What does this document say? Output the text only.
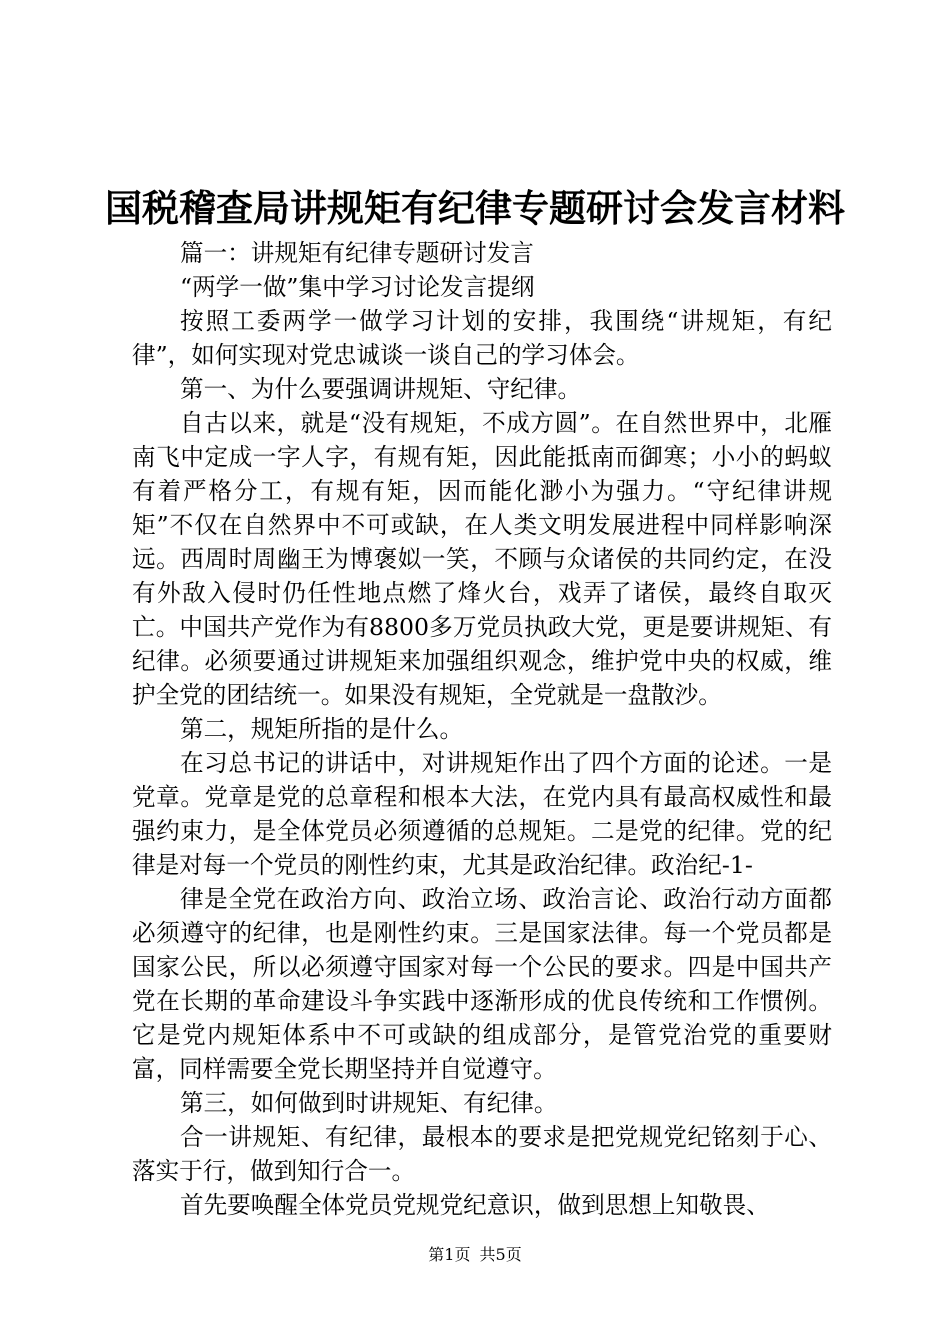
国税稽查局讲规矩有纪律专题研讨会发言材料

篇一：讲规矩有纪律专题研讨发言

“两学一做”集中学习讨论发言提纲

按照工委两学一做学习计划的安排，我围绕“讲规矩，有纪律”，如何实现对党忠诚谈一谈自己的学习体会。

第一、为什么要强调讲规矩、守纪律。

自古以来，就是“没有规矩，不成方圆”。在自然世界中，北雁南飞中定成一字人字，有规有矩，因此能抵南而御寒；小小的蚂蚁有着严格分工，有规有矩，因而能化渺小为强力。“守纪律讲规矩”不仅在自然界中不可或缺，在人类文明发展进程中同样影响深远。西周时周幽王为博褒姒一笑，不顾与众诸侯的共同约定，在没有外敌入侵时仍任性地点燃了烽火台，戏弄了诸侯，最终自取灭亡。中国共产党作为有8800多万党员执政大党，更是要讲规矩、有纪律。必须要通过讲规矩来加强组织观念，维护党中央的权威，维护全党的团结统一。如果没有规矩，全党就是一盘散沙。

第二，规矩所指的是什么。

在习总书记的讲话中，对讲规矩作出了四个方面的论述。一是党章。党章是党的总章程和根本大法，在党内具有最高权威性和最强约束力，是全体党员必须遵循的总规矩。二是党的纪律。党的纪律是对每一个党员的刚性约束，尤其是政治纪律。政治纪-1-

律是全党在政治方向、政治立场、政治言论、政治行动方面都必须遵守的纪律，也是刚性约束。三是国家法律。每一个党员都是国家公民，所以必须遵守国家对每一个公民的要求。四是中国共产党在长期的革命建设斗争实践中逐渐形成的优良传统和工作惯例。它是党内规矩体系中不可或缺的组成部分，是管党治党的重要财富，同样需要全党长期坚持并自觉遵守。

第三，如何做到时讲规矩、有纪律。

合一讲规矩、有纪律，最根本的要求是把党规党纪铭刻于心、落实于行，做到知行合一。

首先要唤醒全体党员党规党纪意识，做到思想上知敬畏、

第1页 共5页
